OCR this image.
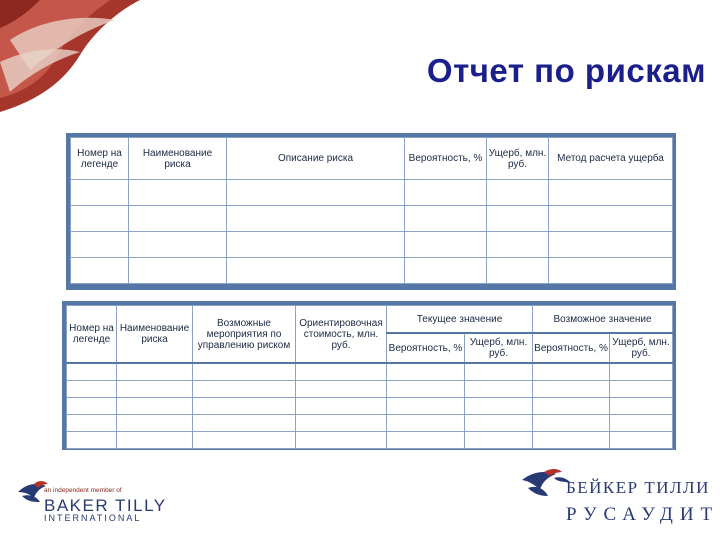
Отчет по рискам
Номер на легенде	Наименование риска	Описание риска	Вероятность, %	Ущерб, млн. руб.	Метод расчета ущерба

Номер на легенде	Наименование риска	Возможные мероприятия по управлению риском	Ориентировочная стоимость, млн. руб.	Текущее значение		Возможное значение	
				Вероятность, %	Ущерб, млн. руб.	Вероятность, %	Ущерб, млн. руб.

an independent member of
BAKER TILLY
INTERNATIONAL
БЕЙКЕР ТИЛЛИ
РУСАУДИТ
